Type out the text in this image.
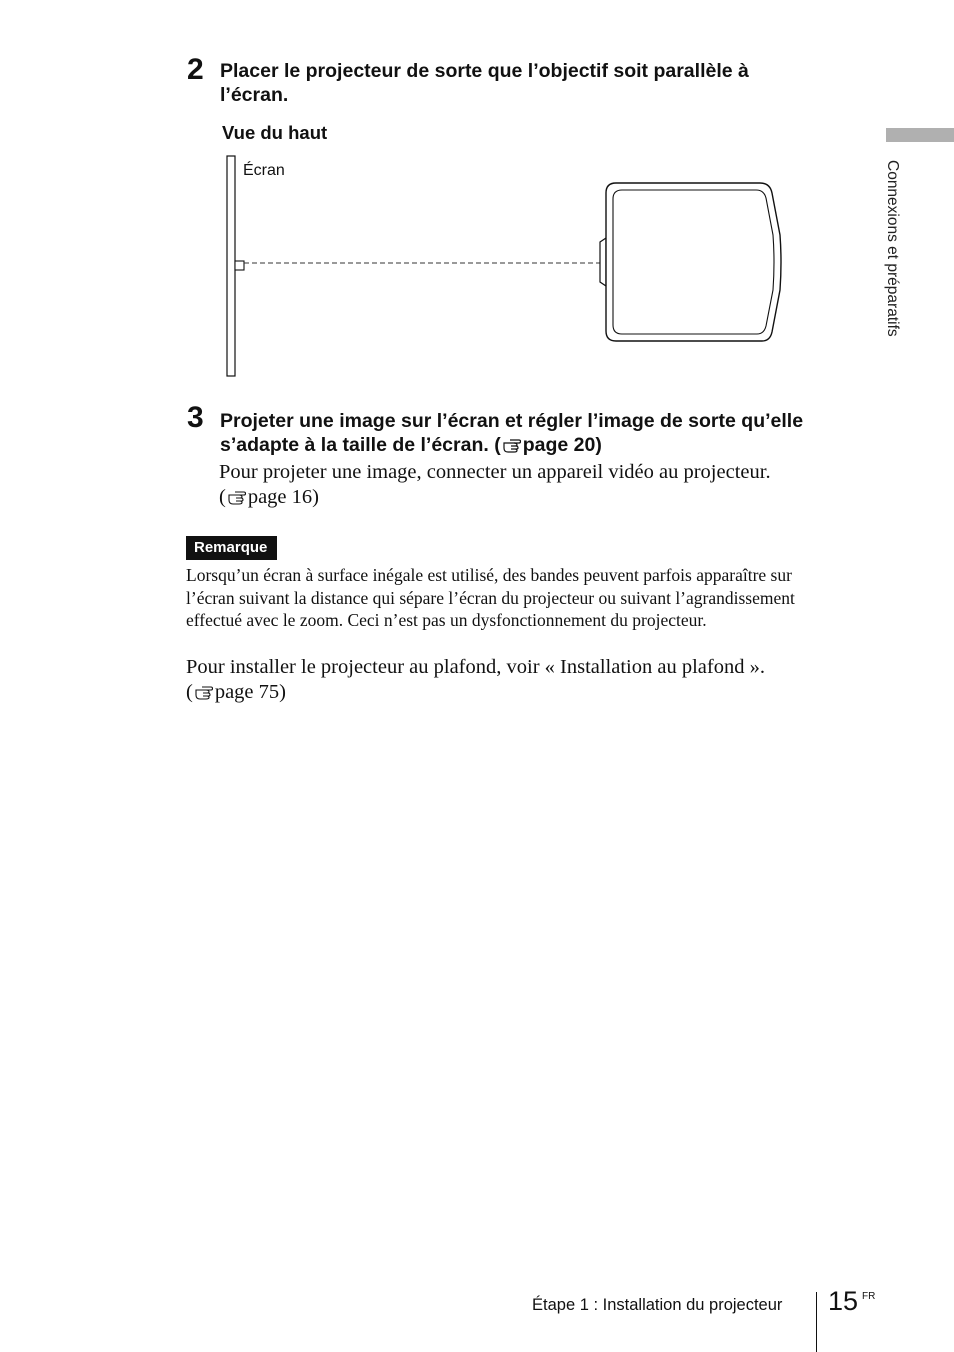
Connexions et préparatifs
2 Placer le projecteur de sorte que l’objectif soit parallèle à
l’écran.
Vue du haut
Écran
3 Projeter une image sur l’écran et régler l’image de sorte qu’elle
s’adapte à la taille de l’écran. ( page 20)
Pour projeter une image, connecter un appareil vidéo au projecteur.
( page 16)
Remarque
Lorsqu’un écran à surface inégale est utilisé, des bandes peuvent parfois apparaître sur
l’écran suivant la distance qui sépare l’écran du projecteur ou suivant l’agrandissement
effectué avec le zoom. Ceci n’est pas un dysfonctionnement du projecteur.
Pour installer le projecteur au plafond, voir « Installation au plafond ».
( page 75)
Étape 1 : Installation du projecteur 15 FR
